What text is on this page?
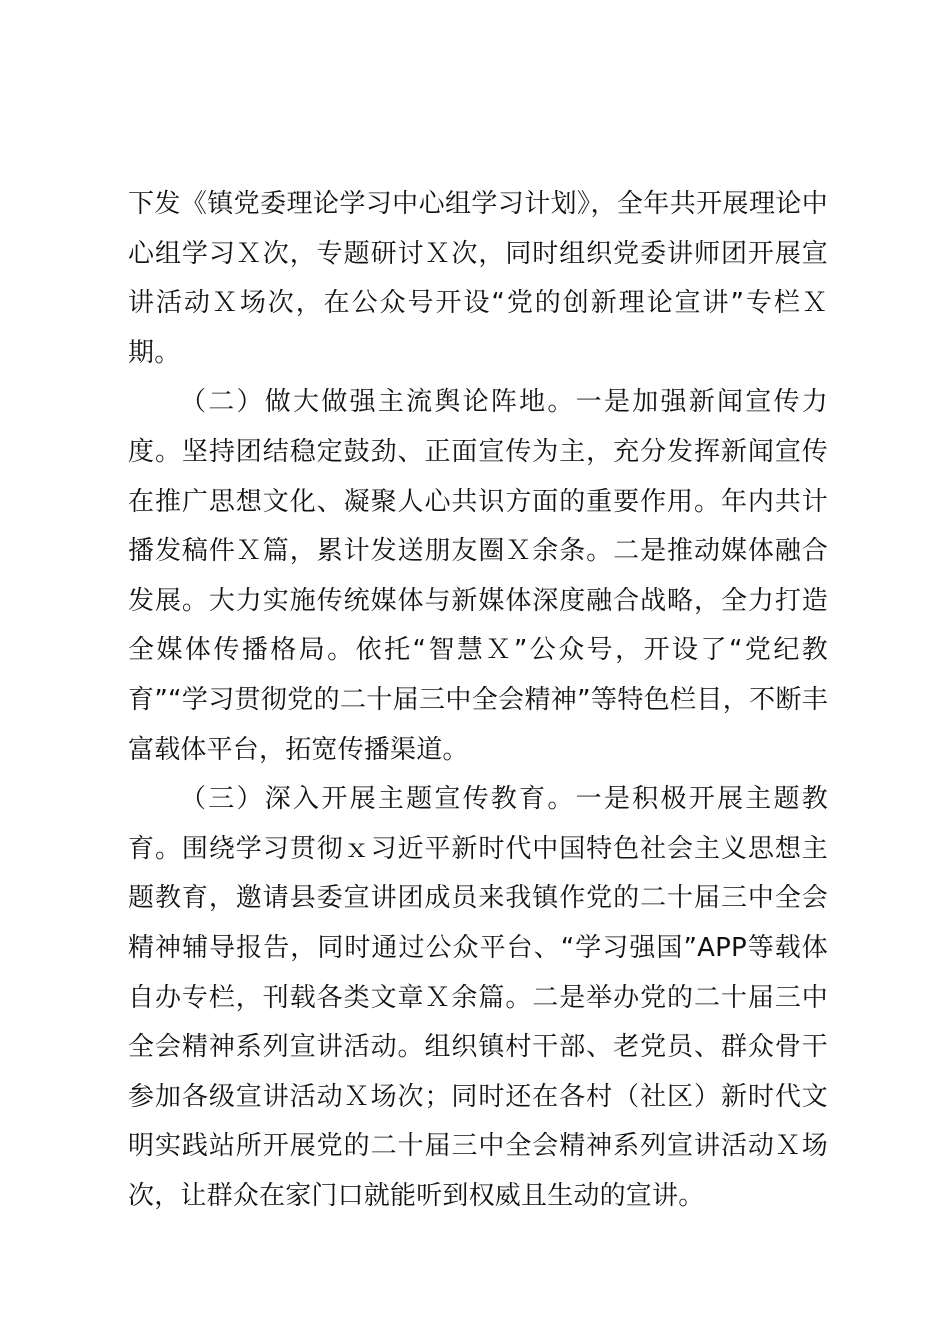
下发《镇党委理论学习中心组学习计划》，全年共开展理论中心组学习Ｘ次，专题研讨Ｘ次，同时组织党委讲师团开展宣讲活动Ｘ场次，在公众号开设“党的创新理论宣讲”专栏Ｘ期。

（二）做大做强主流舆论阵地。一是加强新闻宣传力度。坚持团结稳定鼓劲、正面宣传为主，充分发挥新闻宣传在推广思想文化、凝聚人心共识方面的重要作用。年内共计播发稿件Ｘ篇，累计发送朋友圈Ｘ余条。二是推动媒体融合发展。大力实施传统媒体与新媒体深度融合战略，全力打造全媒体传播格局。依托“智慧Ｘ”公众号，开设了“党纪教育”“学习贯彻党的二十届三中全会精神”等特色栏目，不断丰富载体平台，拓宽传播渠道。

（三）深入开展主题宣传教育。一是积极开展主题教育。围绕学习贯彻ｘ习近平新时代中国特色社会主义思想主题教育，邀请县委宣讲团成员来我镇作党的二十届三中全会精神辅导报告，同时通过公众平台、“学习强国”APP等载体自办专栏，刊载各类文章Ｘ余篇。二是举办党的二十届三中全会精神系列宣讲活动。组织镇村干部、老党员、群众骨干参加各级宣讲活动Ｘ场次；同时还在各村（社区）新时代文明实践站所开展党的二十届三中全会精神系列宣讲活动Ｘ场次，让群众在家门口就能听到权威且生动的宣讲。
